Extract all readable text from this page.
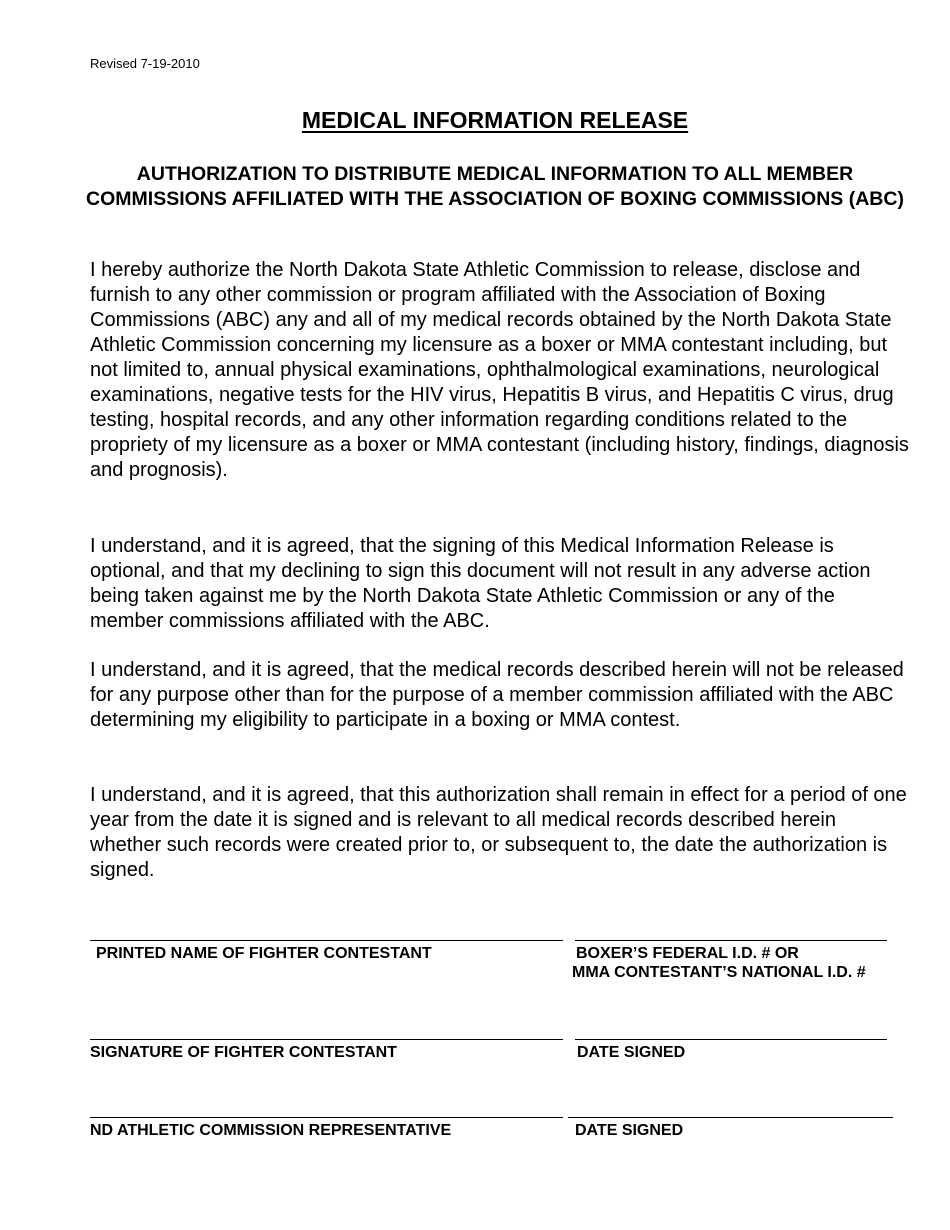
Revised 7-19-2010
MEDICAL INFORMATION RELEASE
AUTHORIZATION TO DISTRIBUTE MEDICAL INFORMATION TO ALL MEMBER COMMISSIONS AFFILIATED WITH THE ASSOCIATION OF BOXING COMMISSIONS (ABC)

I hereby authorize the North Dakota State Athletic Commission to release, disclose and furnish to any other commission or program affiliated with the Association of Boxing Commissions (ABC) any and all of my medical records obtained by the North Dakota State Athletic Commission concerning my licensure as a boxer or MMA contestant including, but not limited to, annual physical examinations, ophthalmological examinations, neurological examinations, negative tests for the HIV virus, Hepatitis B virus, and Hepatitis C virus, drug testing, hospital records, and any other information regarding conditions related to the propriety of my licensure as a boxer or MMA contestant (including history, findings, diagnosis and prognosis).

I understand, and it is agreed, that the signing of this Medical Information Release is optional, and that my declining to sign this document will not result in any adverse action being taken against me by the North Dakota State Athletic Commission or any of the member commissions affiliated with the ABC.

I understand, and it is agreed, that the medical records described herein will not be released for any purpose other than for the purpose of a member commission affiliated with the ABC determining my eligibility to participate in a boxing or MMA contest.

I understand, and it is agreed, that this authorization shall remain in effect for a period of one year from the date it is signed and is relevant to all medical records described herein whether such records were created prior to, or subsequent to, the date the authorization is signed.

PRINTED NAME OF FIGHTER CONTESTANT	BOXER’S FEDERAL I.D. # OR
MMA CONTESTANT’S NATIONAL I.D. #
SIGNATURE OF FIGHTER CONTESTANT	DATE SIGNED
ND ATHLETIC COMMISSION REPRESENTATIVE	DATE SIGNED
